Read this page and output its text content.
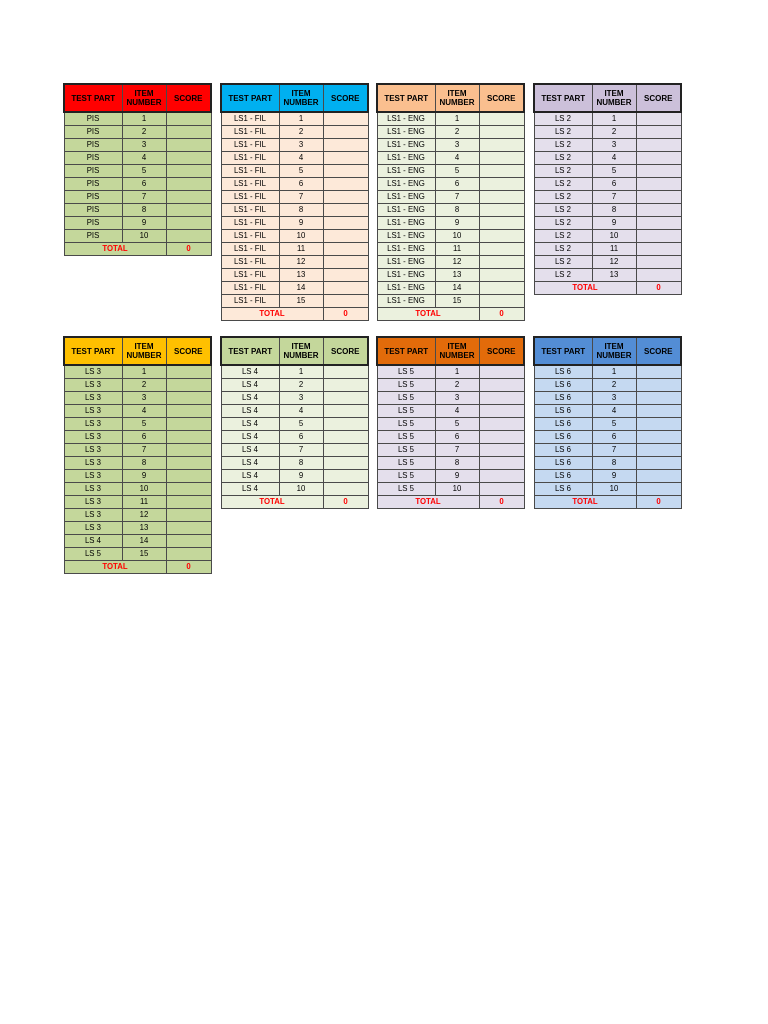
TEST PART	ITEM NUMBER	SCORE
PIS	1	
PIS	2	
PIS	3	
PIS	4	
PIS	5	
PIS	6	
PIS	7	
PIS	8	
PIS	9	
PIS	10	
TOTAL		0
TEST PART	ITEM NUMBER	SCORE
LS1 - FIL	1	
LS1 - FIL	2	
LS1 - FIL	3	
LS1 - FIL	4	
LS1 - FIL	5	
LS1 - FIL	6	
LS1 - FIL	7	
LS1 - FIL	8	
LS1 - FIL	9	
LS1 - FIL	10	
LS1 - FIL	11	
LS1 - FIL	12	
LS1 - FIL	13	
LS1 - FIL	14	
LS1 - FIL	15	
TOTAL		0
TEST PART	ITEM NUMBER	SCORE
LS1 - ENG	1	
LS1 - ENG	2	
LS1 - ENG	3	
LS1 - ENG	4	
LS1 - ENG	5	
LS1 - ENG	6	
LS1 - ENG	7	
LS1 - ENG	8	
LS1 - ENG	9	
LS1 - ENG	10	
LS1 - ENG	11	
LS1 - ENG	12	
LS1 - ENG	13	
LS1 - ENG	14	
LS1 - ENG	15	
TOTAL		0
TEST PART	ITEM NUMBER	SCORE
LS 2	1	
LS 2	2	
LS 2	3	
LS 2	4	
LS 2	5	
LS 2	6	
LS 2	7	
LS 2	8	
LS 2	9	
LS 2	10	
LS 2	11	
LS 2	12	
LS 2	13	
TOTAL		0
TEST PART	ITEM NUMBER	SCORE
LS 3	1	
LS 3	2	
LS 3	3	
LS 3	4	
LS 3	5	
LS 3	6	
LS 3	7	
LS 3	8	
LS 3	9	
LS 3	10	
LS 3	11	
LS 3	12	
LS 3	13	
LS 4	14	
LS 5	15	
TOTAL		0
TEST PART	ITEM NUMBER	SCORE
LS 4	1	
LS 4	2	
LS 4	3	
LS 4	4	
LS 4	5	
LS 4	6	
LS 4	7	
LS 4	8	
LS 4	9	
LS 4	10	
TOTAL		0
TEST PART	ITEM NUMBER	SCORE
LS 5	1	
LS 5	2	
LS 5	3	
LS 5	4	
LS 5	5	
LS 5	6	
LS 5	7	
LS 5	8	
LS 5	9	
LS 5	10	
TOTAL		0
TEST PART	ITEM NUMBER	SCORE
LS 6	1	
LS 6	2	
LS 6	3	
LS 6	4	
LS 6	5	
LS 6	6	
LS 6	7	
LS 6	8	
LS 6	9	
LS 6	10	
TOTAL		0
